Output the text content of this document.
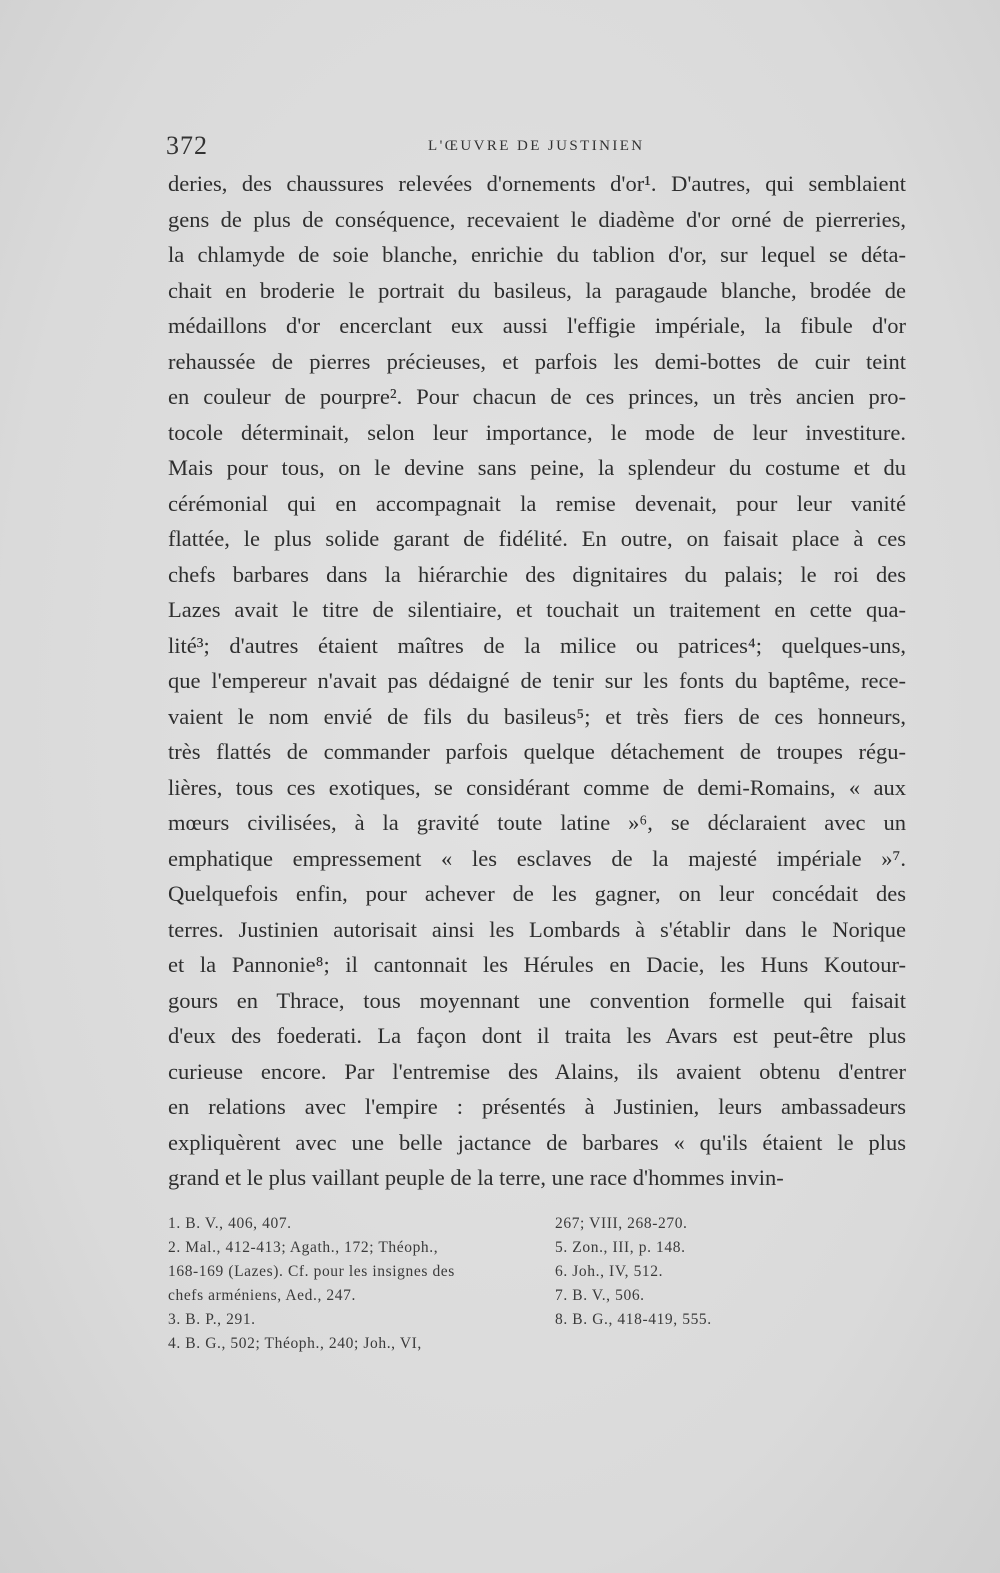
372	L'ŒUVRE DE JUSTINIEN
deries, des chaussures relevées d'ornements d'or¹. D'autres, qui semblaient
gens de plus de conséquence, recevaient le diadème d'or orné de pierreries,
la chlamyde de soie blanche, enrichie du tablion d'or, sur lequel se déta-
chait en broderie le portrait du basileus, la paragaude blanche, brodée de
médaillons d'or encerclant eux aussi l'effigie impériale, la fibule d'or
rehaussée de pierres précieuses, et parfois les demi-bottes de cuir teint
en couleur de pourpre². Pour chacun de ces princes, un très ancien pro-
tocole déterminait, selon leur importance, le mode de leur investiture.
Mais pour tous, on le devine sans peine, la splendeur du costume et du
cérémonial qui en accompagnait la remise devenait, pour leur vanité
flattée, le plus solide garant de fidélité. En outre, on faisait place à ces
chefs barbares dans la hiérarchie des dignitaires du palais; le roi des
Lazes avait le titre de silentiaire, et touchait un traitement en cette qua-
lité³; d'autres étaient maîtres de la milice ou patrices⁴; quelques-uns,
que l'empereur n'avait pas dédaigné de tenir sur les fonts du baptême, rece-
vaient le nom envié de fils du basileus⁵; et très fiers de ces honneurs,
très flattés de commander parfois quelque détachement de troupes régu-
lières, tous ces exotiques, se considérant comme de demi-Romains, « aux
mœurs civilisées, à la gravité toute latine »⁶, se déclaraient avec un
emphatique empressement « les esclaves de la majesté impériale »⁷.
Quelquefois enfin, pour achever de les gagner, on leur concédait des
terres. Justinien autorisait ainsi les Lombards à s'établir dans le Norique
et la Pannonie⁸; il cantonnait les Hérules en Dacie, les Huns Koutour-
gours en Thrace, tous moyennant une convention formelle qui faisait
d'eux des foederati. La façon dont il traita les Avars est peut-être plus
curieuse encore. Par l'entremise des Alains, ils avaient obtenu d'entrer
en relations avec l'empire : présentés à Justinien, leurs ambassadeurs
expliquèrent avec une belle jactance de barbares « qu'ils étaient le plus
grand et le plus vaillant peuple de la terre, une race d'hommes invin-
1. B. V., 406, 407.
2. Mal., 412-413; Agath., 172; Théoph.,
168-169 (Lazes). Cf. pour les insignes des
chefs arméniens, Aed., 247.
3. B. P., 291.
4. B. G., 502; Théoph., 240; Joh., VI,
267; VIII, 268-270.
5. Zon., III, p. 148.
6. Joh., IV, 512.
7. B. V., 506.
8. B. G., 418-419, 555.
